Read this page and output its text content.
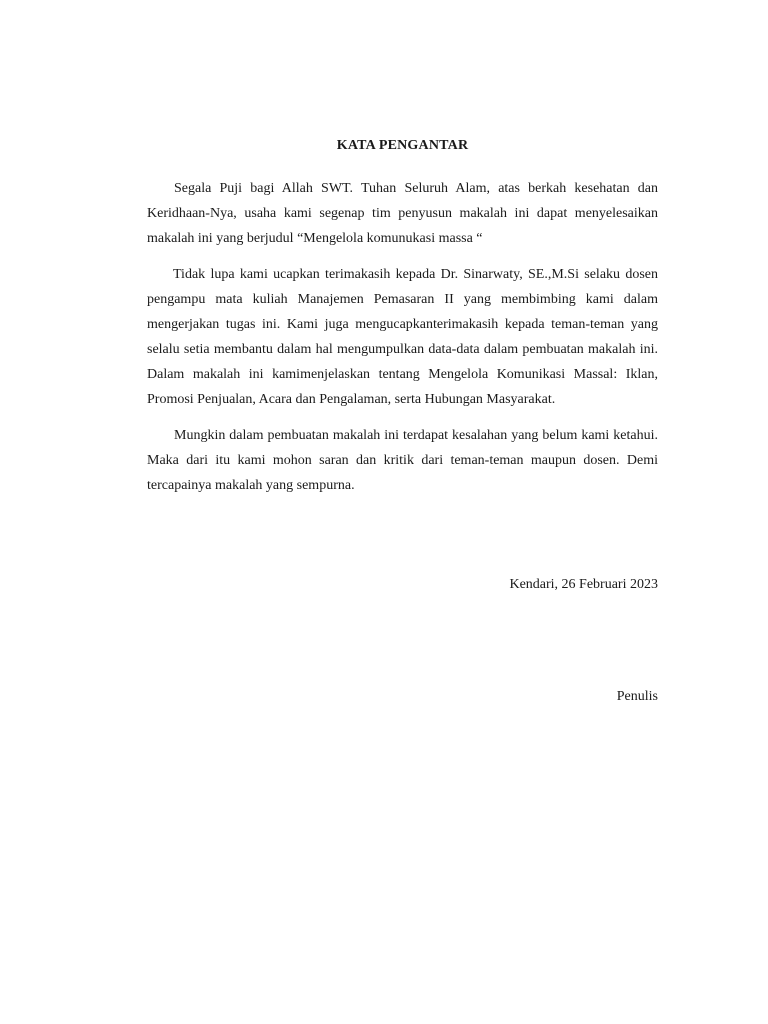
KATA PENGANTAR

Segala Puji bagi Allah SWT. Tuhan Seluruh Alam, atas berkah kesehatan dan Keridhaan-Nya, usaha kami segenap tim penyusun makalah ini dapat menyelesaikan makalah ini yang berjudul “Mengelola komunukasi massa “

Tidak lupa kami ucapkan terimakasih kepada Dr. Sinarwaty, SE.,M.Si selaku dosen pengampu mata kuliah Manajemen Pemasaran II yang membimbing kami dalam mengerjakan tugas ini. Kami juga mengucapkanterimakasih kepada teman-teman yang selalu setia membantu dalam hal mengumpulkan data-data dalam pembuatan makalah ini. Dalam makalah ini kamimenjelaskan tentang Mengelola Komunikasi Massal: Iklan, Promosi Penjualan, Acara dan Pengalaman, serta Hubungan Masyarakat.

Mungkin dalam pembuatan makalah ini terdapat kesalahan yang belum kami ketahui. Maka dari itu kami mohon saran dan kritik dari teman-teman maupun dosen. Demi tercapainya makalah yang sempurna.

Kendari, 26 Februari 2023
Penulis
